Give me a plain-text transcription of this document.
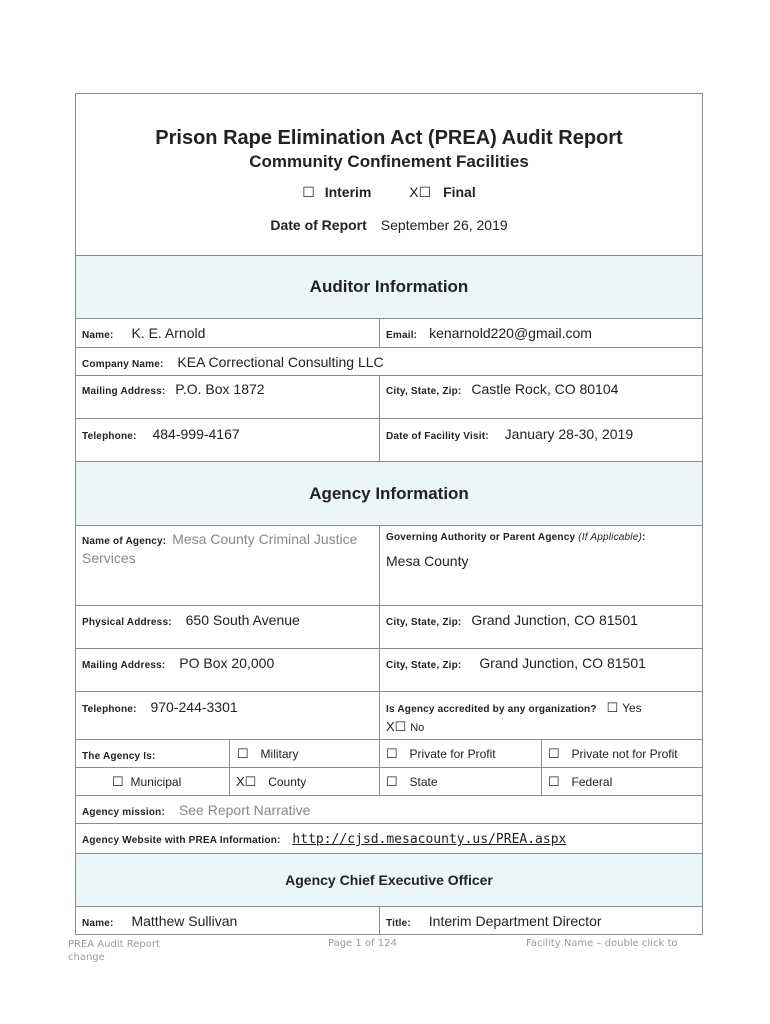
Prison Rape Elimination Act (PREA) Audit Report
Community Confinement Facilities
☐ Interim X☐ Final
Date of Report September 26, 2019			

Auditor Information			
Name: K. E. Arnold		Email: kenarnold220@gmail.com	
Company Name: KEA Correctional Consulting LLC			
Mailing Address: P.O. Box 1872		City, State, Zip: Castle Rock, CO 80104	
Telephone: 484-999-4167		Date of Facility Visit: January 28-30, 2019	
Agency Information			
Name of Agency: Mesa County Criminal Justice Services		Governing Authority or Parent Agency (If Applicable):
Mesa County	

Physical Address: 650 South Avenue		City, State, Zip: Grand Junction, CO 81501	
Mailing Address: PO Box 20,000		City, State, Zip: Grand Junction, CO 81501	
Telephone: 970-244-3301		Is Agency accredited by any organization? ☐ Yes
X☐ No	
The Agency Is:	☐ Military	☐ Private for Profit	☐ Private not for Profit
☐ Municipal	X☐ County	☐ State	☐ Federal
Agency mission: See Report Narrative			
Agency Website with PREA Information: http://cjsd.mesacounty.us/PREA.aspx			
Agency Chief Executive Officer			
Name: Matthew Sullivan		Title: Interim Department Director	
PREA Audit Report
change
Page 1 of 124	Facility Name – double click to
